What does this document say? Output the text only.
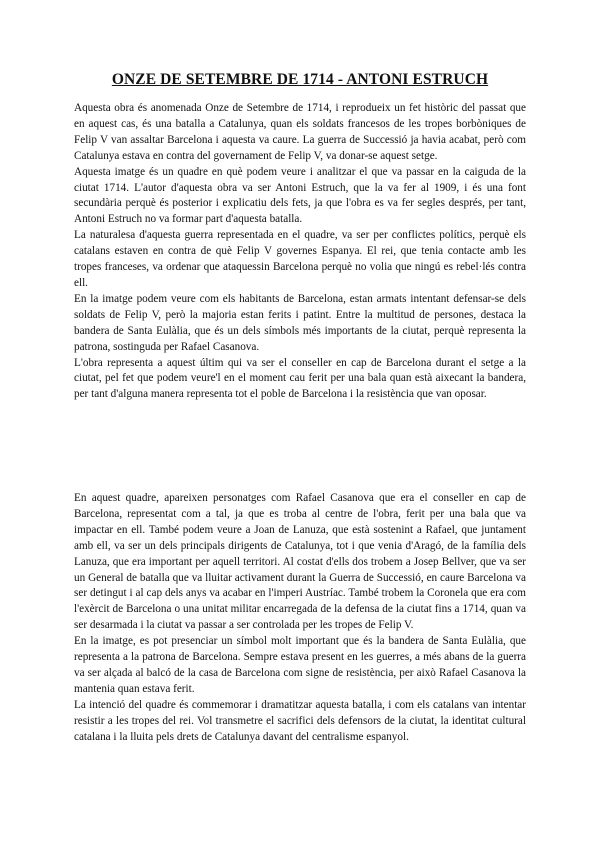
ONZE DE SETEMBRE DE 1714 - ANTONI ESTRUCH

Aquesta obra és anomenada Onze de Setembre de 1714, i reprodueix un fet històric del passat que en aquest cas, és una batalla a Catalunya, quan els soldats francesos de les tropes borbòniques de Felip V van assaltar Barcelona i aquesta va caure. La guerra de Successió ja havia acabat, però com Catalunya estava en contra del governament de Felip V, va donar-se aquest setge.

Aquesta imatge és un quadre en què podem veure i analitzar el que va passar en la caiguda de la ciutat 1714. L'autor d'aquesta obra va ser Antoni Estruch, que la va fer al 1909, i és una font secundària perquè és posterior i explicatiu dels fets, ja que l'obra es va fer segles després, per tant, Antoni Estruch no va formar part d'aquesta batalla.

La naturalesa d'aquesta guerra representada en el quadre, va ser per conflictes polítics, perquè els catalans estaven en contra de què Felip V governes Espanya. El rei, que tenia contacte amb les tropes franceses, va ordenar que ataquessin Barcelona perquè no volia que ningú es rebel·lés contra ell.

En la imatge podem veure com els habitants de Barcelona, estan armats intentant defensar-se dels soldats de Felip V, però la majoria estan ferits i patint. Entre la multitud de persones, destaca la bandera de Santa Eulàlia, que és un dels símbols més importants de la ciutat, perquè representa la patrona, sostinguda per Rafael Casanova.

L'obra representa a aquest últim qui va ser el conseller en cap de Barcelona durant el setge a la ciutat, pel fet que podem veure'l en el moment cau ferit per una bala quan està aixecant la bandera, per tant d'alguna manera representa tot el poble de Barcelona i la resistència que van oposar.

En aquest quadre, apareixen personatges com Rafael Casanova que era el conseller en cap de Barcelona, representat com a tal, ja que es troba al centre de l'obra, ferit per una bala que va impactar en ell. També podem veure a Joan de Lanuza, que està sostenint a Rafael, que juntament amb ell, va ser un dels principals dirigents de Catalunya, tot i que venia d'Aragó, de la família dels Lanuza, que era important per aquell territori. Al costat d'ells dos trobem a Josep Bellver, que va ser un General de batalla que va lluitar activament durant la Guerra de Successió, en caure Barcelona va ser detingut i al cap dels anys va acabar en l'imperi Austríac. També trobem la Coronela que era com l'exèrcit de Barcelona o una unitat militar encarregada de la defensa de la ciutat fins a 1714, quan va ser desarmada i la ciutat va passar a ser controlada per les tropes de Felip V.

En la imatge, es pot presenciar un símbol molt important que és la bandera de Santa Eulàlia, que representa a la patrona de Barcelona. Sempre estava present en les guerres, a més abans de la guerra va ser alçada al balcó de la casa de Barcelona com signe de resistència, per això Rafael Casanova la mantenia quan estava ferit.

La intenció del quadre és commemorar i dramatitzar aquesta batalla, i com els catalans van intentar resistir a les tropes del rei. Vol transmetre el sacrifici dels defensors de la ciutat, la identitat cultural catalana i la lluita pels drets de Catalunya davant del centralisme espanyol.
